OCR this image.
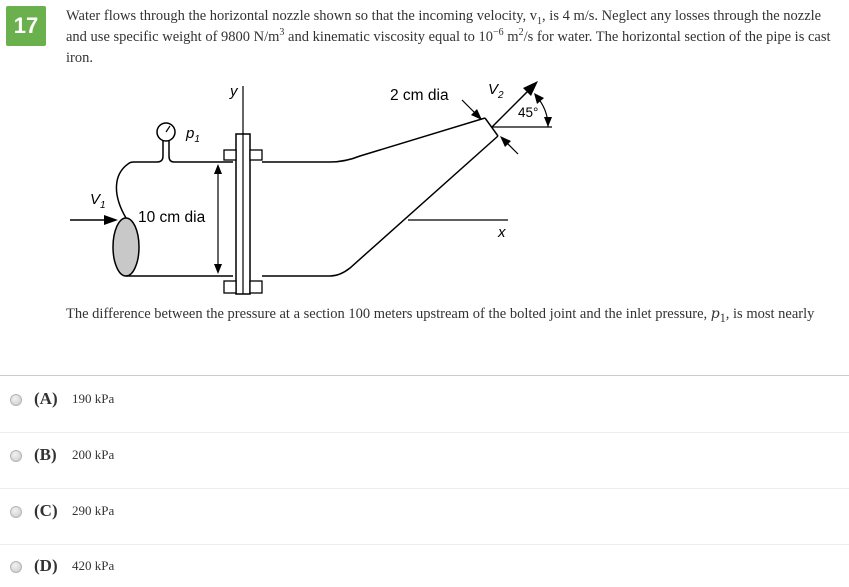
17	Water flows through the horizontal nozzle shown so that the incoming velocity, $v_1$, is 4 m/s. Neglect any losses through the nozzle and use specific weight of 9800 $N/m^3$ and kinematic viscosity equal to $10^{-6}$ $m^2/s$ for water. The horizontal section of the pipe is cast iron.
y
x
$p_1$
$V_1$
$V_2$
10 cm dia
2 cm dia
45°
The difference between the pressure at a section 100 meters upstream of the bolted joint and the inlet pressure, $p_1$, is most nearly
(A) 190 kPa
(B) 200 kPa
(C) 290 kPa
(D) 420 kPa
